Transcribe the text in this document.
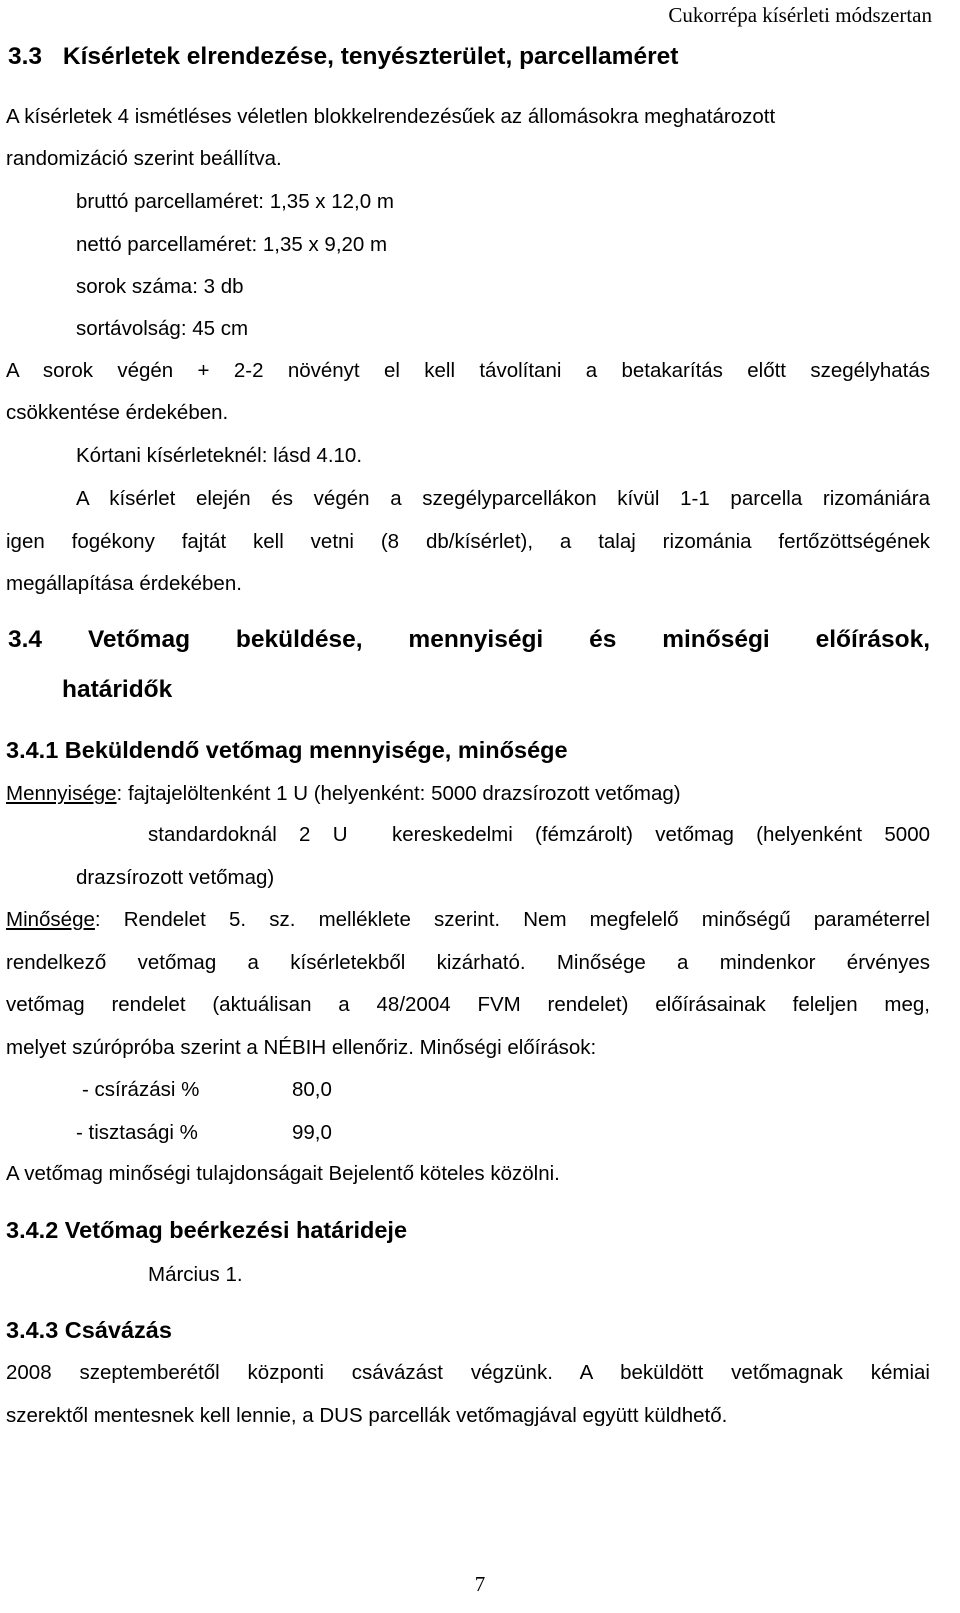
Cukorrépa kísérleti módszertan
3.3 Kísérletek elrendezése, tenyészterület, parcellaméret
A kísérletek 4 ismétléses véletlen blokkelrendezésűek az állomásokra meghatározott
randomizáció szerint beállítva.
bruttó parcellaméret: 1,35 x 12,0 m
nettó parcellaméret: 1,35 x 9,20 m
sorok száma: 3 db
sortávolság: 45 cm
A sorok végén + 2-2 növényt el kell távolítani a betakarítás előtt szegélyhatás
csökkentése érdekében.
Kórtani kísérleteknél: lásd 4.10.
A kísérlet elején és végén a szegélyparcellákon kívül 1-1 parcella rizomániára
igen fogékony fajtát kell vetni (8 db/kísérlet), a talaj rizománia fertőzöttségének
megállapítása érdekében.
3.4 Vetőmag beküldése, mennyiségi és minőségi előírások,
határidők
3.4.1 Beküldendő vetőmag mennyisége, minősége
Mennyisége: fajtajelöltenként 1 U (helyenként: 5000 drazsírozott vetőmag)
standardoknál 2 U  kereskedelmi (fémzárolt) vetőmag (helyenként 5000
drazsírozott vetőmag)
Minősége: Rendelet 5. sz. melléklete szerint. Nem megfelelő minőségű paraméterrel
rendelkező vetőmag a kísérletekből kizárható. Minősége a mindenkor érvényes
vetőmag rendelet (aktuálisan a 48/2004 FVM rendelet) előírásainak feleljen meg,
melyet szúrópróba szerint a NÉBIH ellenőriz. Minőségi előírások:
- csírázási %	80,0
- tisztasági %	99,0
A vetőmag minőségi tulajdonságait Bejelentő köteles közölni.
3.4.2 Vetőmag beérkezési határideje
Március 1.
3.4.3 Csávázás
2008 szeptemberétől központi csávázást végzünk. A beküldött vetőmagnak kémiai
szerektől mentesnek kell lennie, a DUS parcellák vetőmagjával együtt küldhető.
7
